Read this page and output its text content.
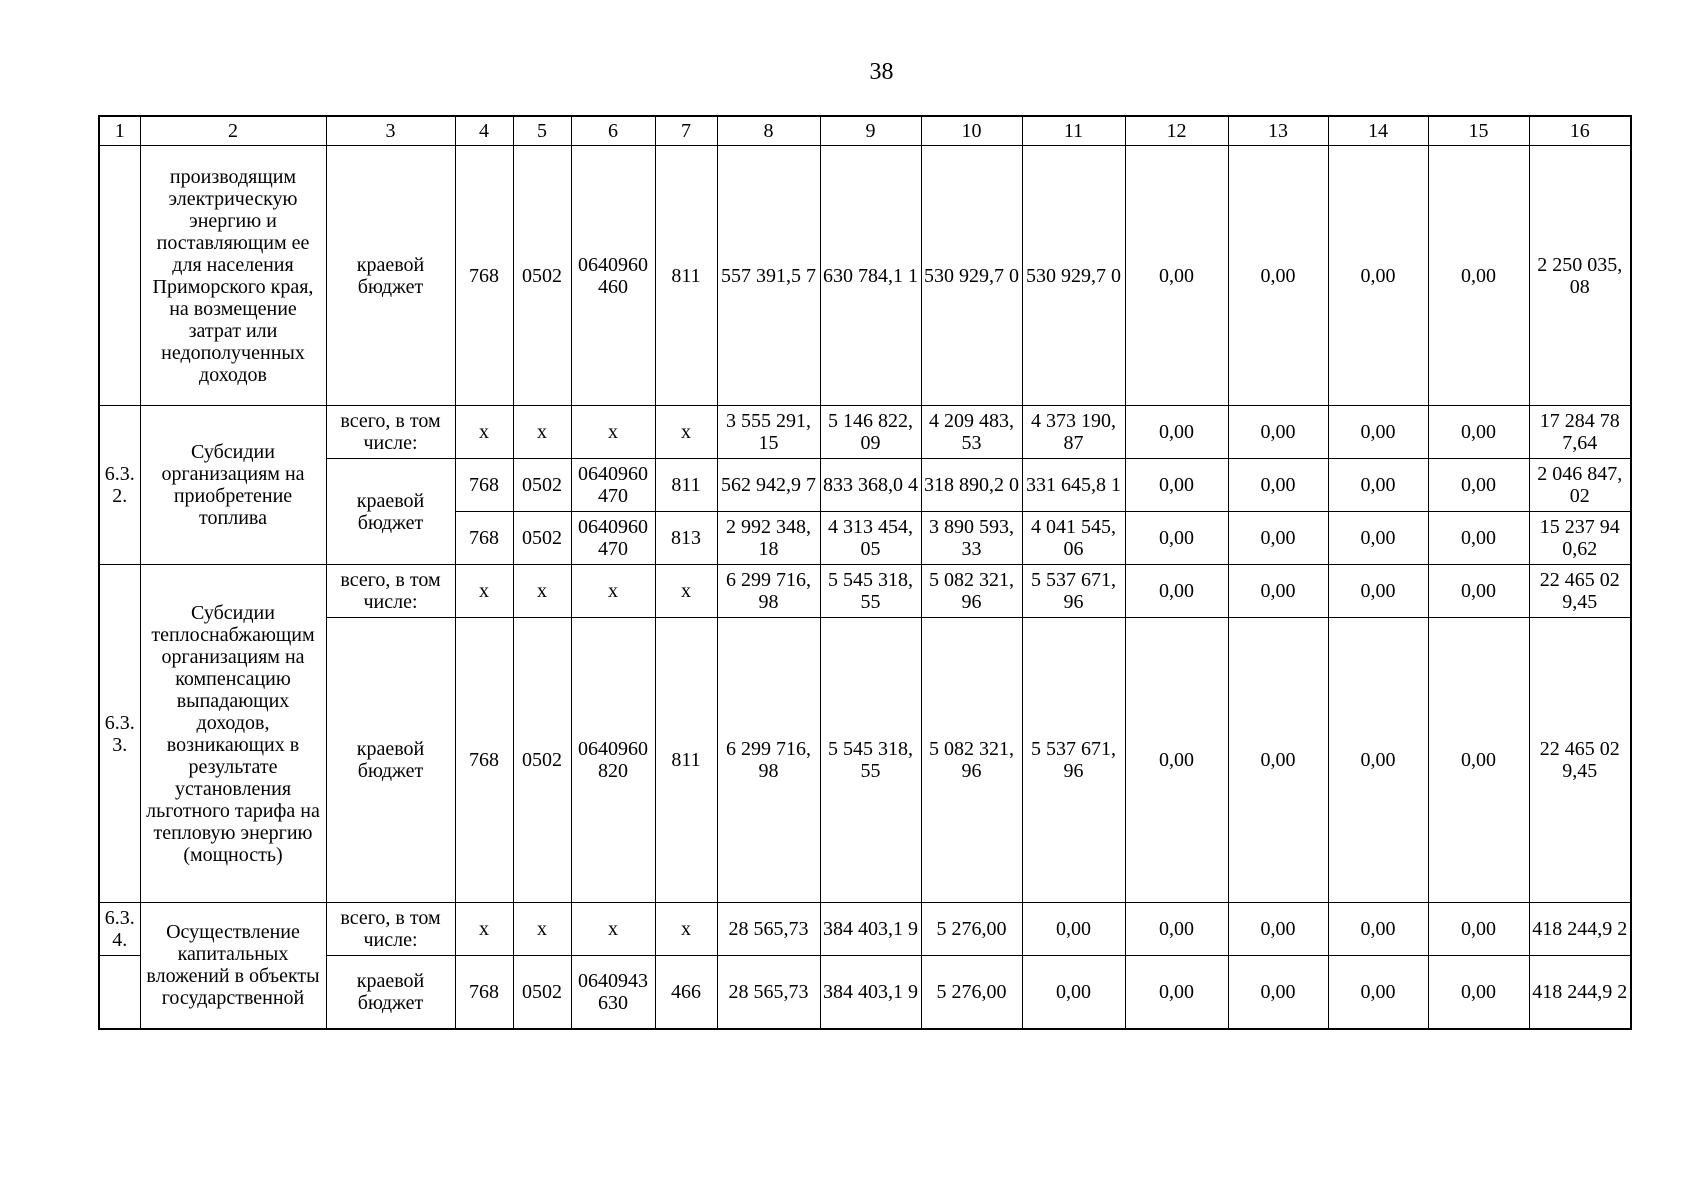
38
1	2	3	4	5	6	7	8	9	10	11	12	13	14	15	16
	производящим электрическую энергию и поставляющим ее для населения Приморского края, на возмещение затрат или недополученных доходов	краевой бюджет	768	0502	0640960 460	811	557 391,5 7	630 784,1 1	530 929,7 0	530 929,7 0	0,00	0,00	0,00	0,00	2 250 035, 08
6.3. 2.	Субсидии организациям на приобретение топлива	всего, в том числе:	x	x	x	x	3 555 291, 15	5 146 822, 09	4 209 483, 53	4 373 190, 87	0,00	0,00	0,00	0,00	17 284 78 7,64
		краевой бюджет	768	0502	0640960 470	811	562 942,9 7	833 368,0 4	318 890,2 0	331 645,8 1	0,00	0,00	0,00	0,00	2 046 847, 02
			768	0502	0640960 470	813	2 992 348, 18	4 313 454, 05	3 890 593, 33	4 041 545, 06	0,00	0,00	0,00	0,00	15 237 94 0,62
6.3. 3.	Субсидии теплоснабжающим организациям на компенсацию выпадающих доходов, возникающих в результате установления льготного тарифа на тепловую энергию (мощность)	всего, в том числе:	x	x	x	x	6 299 716, 98	5 545 318, 55	5 082 321, 96	5 537 671, 96	0,00	0,00	0,00	0,00	22 465 02 9,45
		краевой бюджет	768	0502	0640960 820	811	6 299 716, 98	5 545 318, 55	5 082 321, 96	5 537 671, 96	0,00	0,00	0,00	0,00	22 465 02 9,45
6.3. 4.	Осуществление капитальных вложений в объекты государственной	всего, в том числе:	x	x	x	x	28 565,73	384 403,1 9	5 276,00	0,00	0,00	0,00	0,00	0,00	418 244,9 2
		краевой бюджет	768	0502	0640943 630	466	28 565,73	384 403,1 9	5 276,00	0,00	0,00	0,00	0,00	0,00	418 244,9 2
